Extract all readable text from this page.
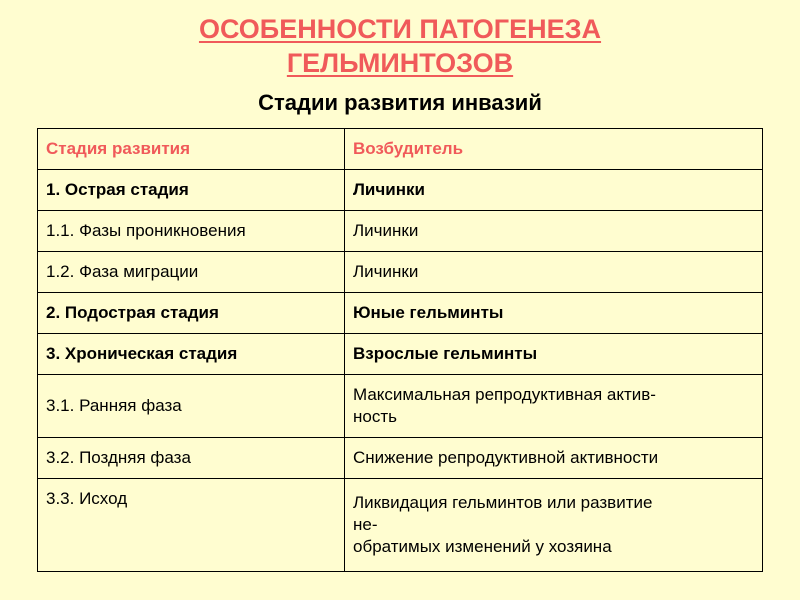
ОСОБЕННОСТИ ПАТОГЕНЕЗА
ГЕЛЬМИНТОЗОВ
Стадии развития инвазий
Стадия развития	Возбудитель
1. Острая стадия	Личинки
1.1. Фазы проникновения	Личинки
1.2. Фаза миграции	Личинки
2. Подострая стадия	Юные гельминты
3. Хроническая стадия	Взрослые гельминты
3.1. Ранняя фаза	Максимальная репродуктивная актив-
ность

3.2. Поздняя фаза	Снижение репродуктивной активности
3.3. Исход	Ликвидация гельминтов или развитие
не-
обратимых изменений у хозяина
